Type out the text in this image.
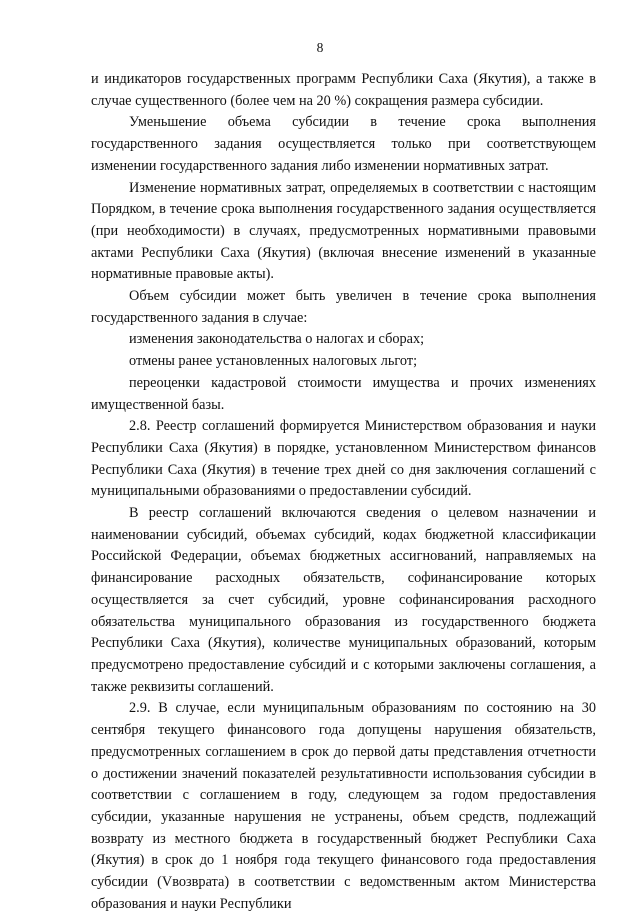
8

и индикаторов государственных программ Республики Саха (Якутия), а также в случае существенного (более чем на 20 %) сокращения размера субсидии.

Уменьшение объема субсидии в течение срока выполнения государственного задания осуществляется только при соответствующем изменении государственного задания либо изменении нормативных затрат.

Изменение нормативных затрат, определяемых в соответствии с настоящим Порядком, в течение срока выполнения государственного задания осуществляется (при необходимости) в случаях, предусмотренных нормативными правовыми актами Республики Саха (Якутия) (включая внесение изменений в указанные нормативные правовые акты).

Объем субсидии может быть увеличен в течение срока выполнения государственного задания в случае:

изменения законодательства о налогах и сборах;

отмены ранее установленных налоговых льгот;

переоценки кадастровой стоимости имущества и прочих изменениях имущественной базы.

2.8. Реестр соглашений формируется Министерством образования и науки Республики Саха (Якутия) в порядке, установленном Министерством финансов Республики Саха (Якутия) в течение трех дней со дня заключения соглашений с муниципальными образованиями о предоставлении субсидий.

В реестр соглашений включаются сведения о целевом назначении и наименовании субсидий, объемах субсидий, кодах бюджетной классификации Российской Федерации, объемах бюджетных ассигнований, направляемых на финансирование расходных обязательств, софинансирование которых осуществляется за счет субсидий, уровне софинансирования расходного обязательства муниципального образования из государственного бюджета Республики Саха (Якутия), количестве муниципальных образований, которым предусмотрено предоставление субсидий и с которыми заключены соглашения, а также реквизиты соглашений.

2.9. В случае, если муниципальным образованиям по состоянию на 30 сентября текущего финансового года допущены нарушения обязательств, предусмотренных соглашением в срок до первой даты представления отчетности о достижении значений показателей результативности использования субсидии в соответствии с соглашением в году, следующем за годом предоставления субсидии, указанные нарушения не устранены, объем средств, подлежащий возврату из местного бюджета в государственный бюджет Республики Саха (Якутия) в срок до 1 ноября года текущего финансового года предоставления субсидии (Vвозврата) в соответствии с ведомственным актом Министерства образования и науки Республики
